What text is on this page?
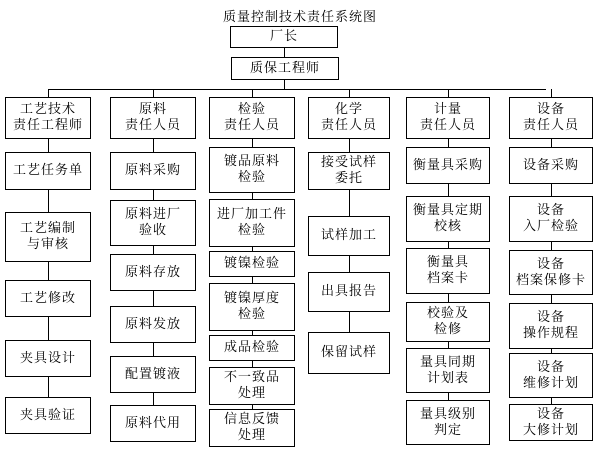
质量控制技术责任系统图
厂长
质保工程师
工艺技术
责任工程师
工艺任务单
工艺编制
与审核
工艺修改
夹具设计
夹具验证
原料
责任人员
原料采购
原料进厂
验收
原料存放
原料发放
配置镀液
原料代用
检验
责任人员
镀品原料
检验
进厂加工件
检验
镀镍检验
镀镍厚度
检验
成品检验
不一致品
处理
信息反馈
处理
化学
责任人员
接受试样
委托
试样加工
出具报告
保留试样
计量
责任人员
衡量具采购
衡量具定期
校核
衡量具
档案卡
校验及
检修
量具同期
计划表
量具级别
判定
设备
责任人员
设备采购
设备
入厂检验
设备
档案保修卡
设备
操作规程
设备
维修计划
设备
大修计划
